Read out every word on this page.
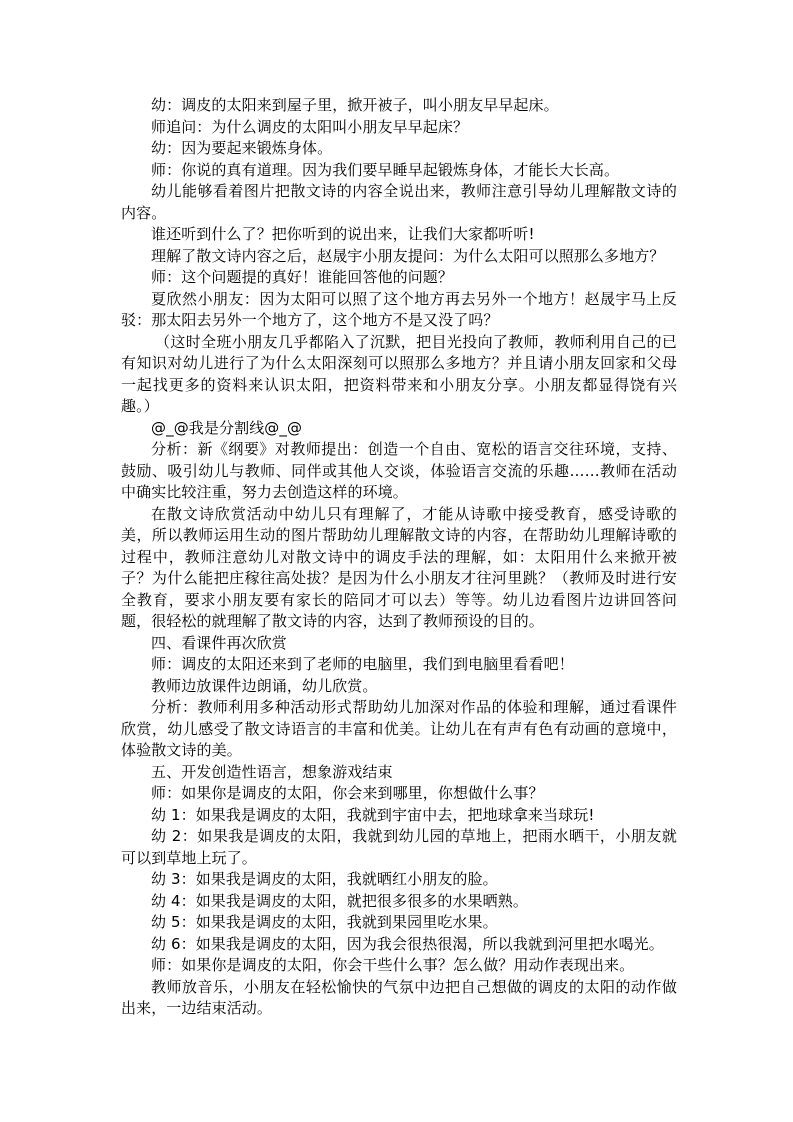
幼：调皮的太阳来到屋子里，掀开被子，叫小朋友早早起床。

师追问：为什么调皮的太阳叫小朋友早早起床？

幼：因为要起来锻炼身体。

师：你说的真有道理。因为我们要早睡早起锻炼身体，才能长大长高。

幼儿能够看着图片把散文诗的内容全说出来，教师注意引导幼儿理解散文诗的内容。

谁还听到什么了？把你听到的说出来，让我们大家都听听!

理解了散文诗内容之后，赵晟宇小朋友提问：为什么太阳可以照那么多地方？

师：这个问题提的真好！谁能回答他的问题？

夏欣然小朋友：因为太阳可以照了这个地方再去另外一个地方！赵晟宇马上反驳：那太阳去另外一个地方了，这个地方不是又没了吗？

（这时全班小朋友几乎都陷入了沉默，把目光投向了教师，教师利用自己的已有知识对幼儿进行了为什么太阳深刻可以照那么多地方？并且请小朋友回家和父母一起找更多的资料来认识太阳，把资料带来和小朋友分享。小朋友都显得饶有兴趣。）

@_@我是分割线@_@

分析：新《纲要》对教师提出：创造一个自由、宽松的语言交往环境，支持、鼓励、吸引幼儿与教师、同伴或其他人交谈，体验语言交流的乐趣……教师在活动中确实比较注重，努力去创造这样的环境。

在散文诗欣赏活动中幼儿只有理解了，才能从诗歌中接受教育，感受诗歌的美，所以教师运用生动的图片帮助幼儿理解散文诗的内容，在帮助幼儿理解诗歌的过程中，教师注意幼儿对散文诗中的调皮手法的理解，如：太阳用什么来掀开被子？为什么能把庄稼往高处拔？是因为什么小朋友才往河里跳？（教师及时进行安全教育，要求小朋友要有家长的陪同才可以去）等等。幼儿边看图片边讲回答问题，很轻松的就理解了散文诗的内容，达到了教师预设的目的。

四、看课件再次欣赏

师：调皮的太阳还来到了老师的电脑里，我们到电脑里看看吧！

教师边放课件边朗诵，幼儿欣赏。

分析：教师利用多种活动形式帮助幼儿加深对作品的体验和理解，通过看课件欣赏，幼儿感受了散文诗语言的丰富和优美。让幼儿在有声有色有动画的意境中，体验散文诗的美。

五、开发创造性语言，想象游戏结束

师：如果你是调皮的太阳，你会来到哪里，你想做什么事？

幼 1：如果我是调皮的太阳，我就到宇宙中去，把地球拿来当球玩!

幼 2：如果我是调皮的太阳，我就到幼儿园的草地上，把雨水晒干，小朋友就可以到草地上玩了。

幼 3：如果我是调皮的太阳，我就晒红小朋友的脸。

幼 4：如果我是调皮的太阳，就把很多很多的水果晒熟。

幼 5：如果我是调皮的太阳，我就到果园里吃水果。

幼 6：如果我是调皮的太阳，因为我会很热很渴，所以我就到河里把水喝光。

师：如果你是调皮的太阳，你会干些什么事？怎么做？用动作表现出来。

教师放音乐，小朋友在轻松愉快的气氛中边把自己想做的调皮的太阳的动作做出来，一边结束活动。
